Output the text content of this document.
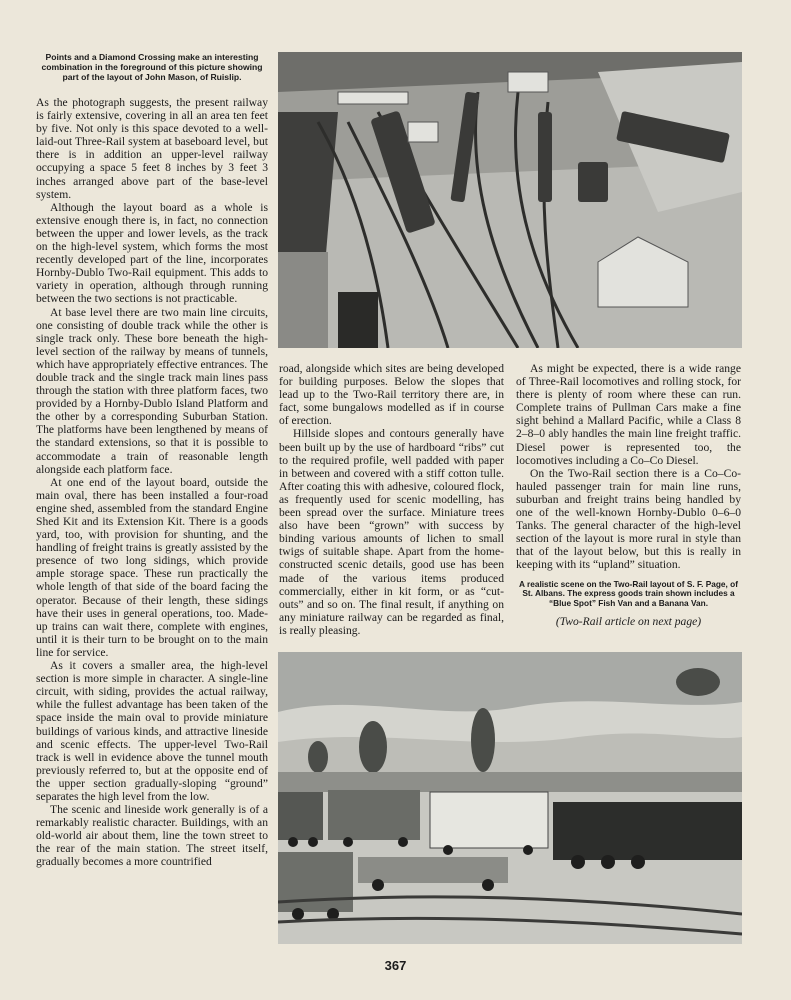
Points and a Diamond Crossing make an interesting combination in the foreground of this picture showing part of the layout of John Mason, of Ruislip.

As the photograph suggests, the present railway is fairly extensive, covering in all an area ten feet by five. Not only is this space devoted to a well-laid-out Three-Rail system at baseboard level, but there is in addition an upper-level railway occupying a space 5 feet 8 inches by 3 feet 3 inches arranged above part of the base-level system.

Although the layout board as a whole is extensive enough there is, in fact, no connection between the upper and lower levels, as the track on the high-level system, which forms the most recently developed part of the line, incorporates Hornby-Dublo Two-Rail equipment. This adds to variety in operation, although through running between the two sections is not practicable.

At base level there are two main line circuits, one consisting of double track while the other is single track only. These bore beneath the high-level section of the railway by means of tunnels, which have appropriately effective entrances. The double track and the single track main lines pass through the station with three platform faces, two provided by a Hornby-Dublo Island Platform and the other by a corresponding Suburban Station. The platforms have been lengthened by means of the standard extensions, so that it is possible to accommodate a train of reasonable length alongside each platform face.

At one end of the layout board, outside the main oval, there has been installed a four-road engine shed, assembled from the standard Engine Shed Kit and its Extension Kit. There is a goods yard, too, with provision for shunting, and the handling of freight trains is greatly assisted by the presence of two long sidings, which provide ample storage space. These run practically the whole length of that side of the board facing the operator. Because of their length, these sidings have their uses in general operations, too. Made-up trains can wait there, complete with engines, until it is their turn to be brought on to the main line for service.

As it covers a smaller area, the high-level section is more simple in character. A single-line circuit, with siding, provides the actual railway, while the fullest advantage has been taken of the space inside the main oval to provide miniature buildings of various kinds, and attractive lineside and scenic effects. The upper-level Two-Rail track is well in evidence above the tunnel mouth previously referred to, but at the opposite end of the upper section gradually-sloping “ground” separates the high level from the low.

The scenic and lineside work generally is of a remarkably realistic character. Buildings, with an old-world air about them, line the town street to the rear of the main station. The street itself, gradually becomes a more countrified

road, alongside which sites are being developed for building purposes. Below the slopes that lead up to the Two-Rail territory there are, in fact, some bungalows modelled as if in course of erection.

Hillside slopes and contours generally have been built up by the use of hardboard “ribs” cut to the required profile, well padded with paper in between and covered with a stiff cotton tulle. After coating this with adhesive, coloured flock, as frequently used for scenic modelling, has been spread over the surface. Miniature trees also have been “grown” with success by binding various amounts of lichen to small twigs of suitable shape. Apart from the home-constructed scenic details, good use has been made of the various items produced commercially, either in kit form, or as “cut-outs” and so on. The final result, if anything on any miniature railway can be regarded as final, is really pleasing.

As might be expected, there is a wide range of Three-Rail locomotives and rolling stock, for there is plenty of room where these can run. Complete trains of Pullman Cars make a fine sight behind a Mallard Pacific, while a Class 8 2–8–0 ably handles the main line freight traffic. Diesel power is represented too, the locomotives including a Co–Co Diesel.

On the Two-Rail section there is a Co–Co-hauled passenger train for main line runs, suburban and freight trains being handled by one of the well-known Hornby-Dublo 0–6–0 Tanks. The general character of the high-level section of the layout is more rural in style than that of the layout below, but this is really in keeping with its “upland” situation.

A realistic scene on the Two-Rail layout of S. F. Page, of St. Albans. The express goods train shown includes a “Blue Spot” Fish Van and a Banana Van.
(Two-Rail article on next page)
367
